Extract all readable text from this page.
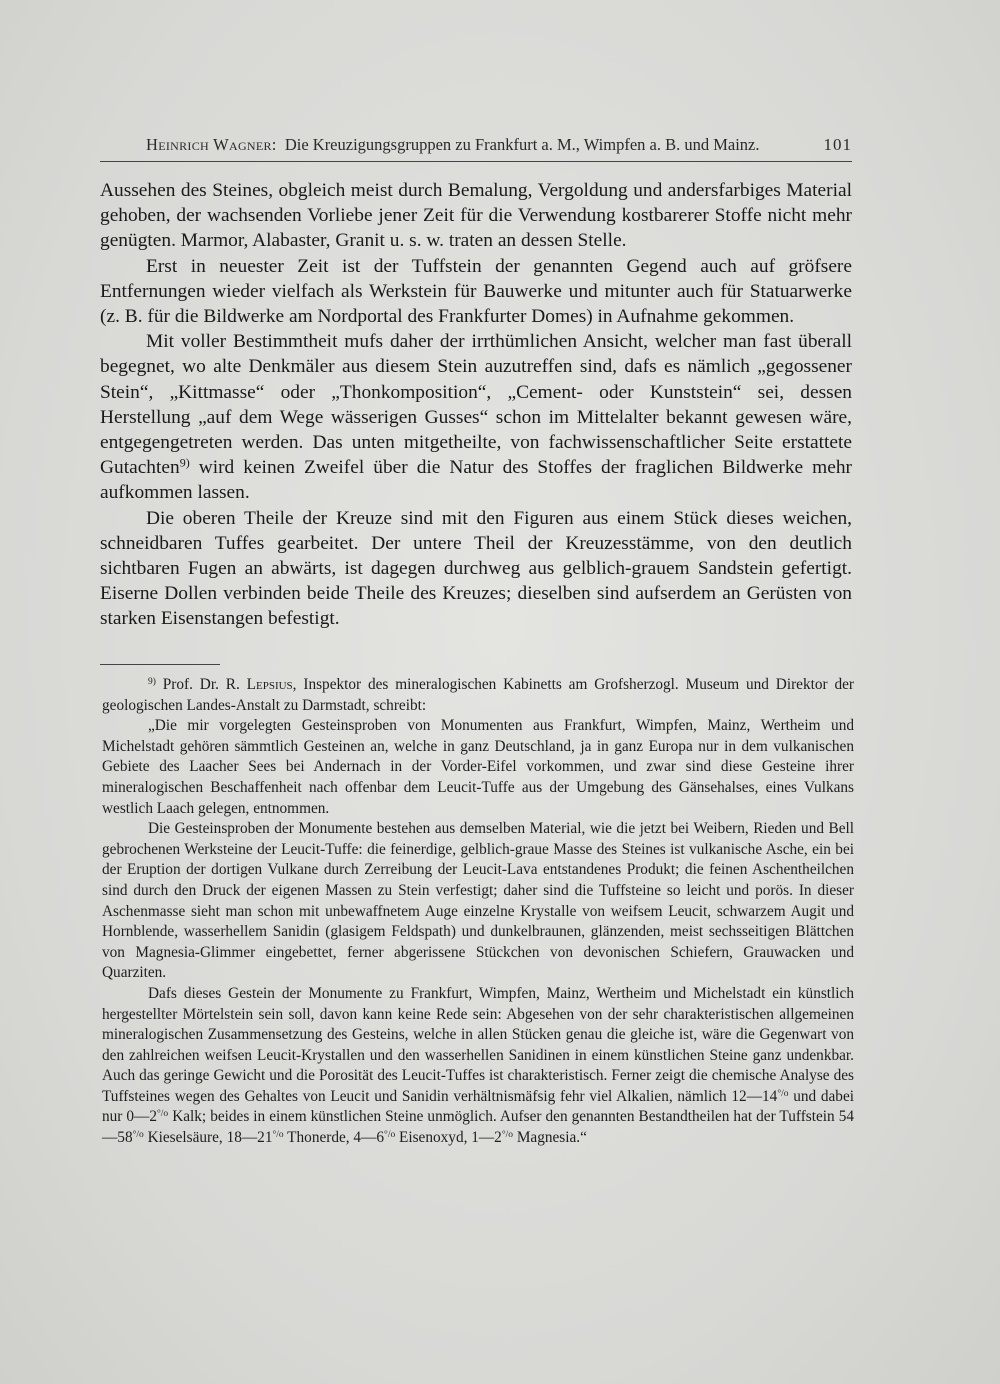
Heinrich Wagner: Die Kreuzigungsgruppen zu Frankfurt a. M., Wimpfen a. B. und Mainz.	101

Aussehen des Steines, obgleich meist durch Bemalung, Vergoldung und andersfarbiges Material gehoben, der wachsenden Vorliebe jener Zeit für die Verwendung kostbarerer Stoffe nicht mehr genügten. Marmor, Alabaster, Granit u. s. w. traten an dessen Stelle.

Erst in neuester Zeit ist der Tuffstein der genannten Gegend auch auf gröfsere Entfernungen wieder vielfach als Werkstein für Bauwerke und mitunter auch für Statuarwerke (z. B. für die Bildwerke am Nordportal des Frankfurter Domes) in Aufnahme gekommen.

Mit voller Bestimmtheit mufs daher der irrthümlichen Ansicht, welcher man fast überall begegnet, wo alte Denkmäler aus diesem Stein auzutreffen sind, dafs es nämlich „gegossener Stein“, „Kittmasse“ oder „Thonkomposition“, „Cement- oder Kunststein“ sei, dessen Herstellung „auf dem Wege wässerigen Gusses“ schon im Mittelalter bekannt gewesen wäre, entgegengetreten werden. Das unten mitgetheilte, von fachwissenschaftlicher Seite erstattete Gutachten$^{9)}$ wird keinen Zweifel über die Natur des Stoffes der fraglichen Bildwerke mehr aufkommen lassen.

Die oberen Theile der Kreuze sind mit den Figuren aus einem Stück dieses weichen, schneidbaren Tuffes gearbeitet. Der untere Theil der Kreuzesstämme, von den deutlich sichtbaren Fugen an abwärts, ist dagegen durchweg aus gelblich-grauem Sandstein gefertigt. Eiserne Dollen verbinden beide Theile des Kreuzes; dieselben sind aufserdem an Gerüsten von starken Eisenstangen befestigt.

$^{9)}$ Prof. Dr. R. Lepsius, Inspektor des mineralogischen Kabinetts am Grofsherzogl. Museum und Direktor der geologischen Landes-Anstalt zu Darmstadt, schreibt:

„Die mir vorgelegten Gesteinsproben von Monumenten aus Frankfurt, Wimpfen, Mainz, Wertheim und Michelstadt gehören sämmtlich Gesteinen an, welche in ganz Deutschland, ja in ganz Europa nur in dem vulkanischen Gebiete des Laacher Sees bei Andernach in der Vorder-Eifel vorkommen, und zwar sind diese Gesteine ihrer mineralogischen Beschaffenheit nach offenbar dem Leucit-Tuffe aus der Umgebung des Gänsehalses, eines Vulkans westlich Laach gelegen, entnommen.

Die Gesteinsproben der Monumente bestehen aus demselben Material, wie die jetzt bei Weibern, Rieden und Bell gebrochenen Werksteine der Leucit-Tuffe: die feinerdige, gelblich-graue Masse des Steines ist vulkanische Asche, ein bei der Eruption der dortigen Vulkane durch Zerreibung der Leucit-Lava entstandenes Produkt; die feinen Aschentheilchen sind durch den Druck der eigenen Massen zu Stein verfestigt; daher sind die Tuffsteine so leicht und porös. In dieser Aschenmasse sieht man schon mit unbewaffnetem Auge einzelne Krystalle von weifsem Leucit, schwarzem Augit und Hornblende, wasserhellem Sanidin (glasigem Feldspath) und dunkelbraunen, glänzenden, meist sechsseitigen Blättchen von Magnesia-Glimmer eingebettet, ferner abgerissene Stückchen von devonischen Schiefern, Grauwacken und Quarziten.

Dafs dieses Gestein der Monumente zu Frankfurt, Wimpfen, Mainz, Wertheim und Michelstadt ein künstlich hergestellter Mörtelstein sein soll, davon kann keine Rede sein: Abgesehen von der sehr charakteristischen allgemeinen mineralogischen Zusammensetzung des Gesteins, welche in allen Stücken genau die gleiche ist, wäre die Gegenwart von den zahlreichen weifsen Leucit-Krystallen und den wasserhellen Sanidinen in einem künstlichen Steine ganz undenkbar. Auch das geringe Gewicht und die Porosität des Leucit-Tuffes ist charakteristisch. Ferner zeigt die chemische Analyse des Tuffsteines wegen des Gehaltes von Leucit und Sanidin verhältnismäfsig fehr viel Alkalien, nämlich $12—14^{^\circ/o}$ und dabei nur $0—2^{^\circ/o}$ Kalk; beides in einem künstlichen Steine unmöglich. Aufser den genannten Bestandtheilen hat der Tuffstein $54—58^{^\circ/o}$ Kieselsäure, $18—21^{^\circ/o}$ Thonerde, $4—6^{^\circ/o}$ Eisenoxyd, $1—2^{^\circ/o}$ Magnesia.“
